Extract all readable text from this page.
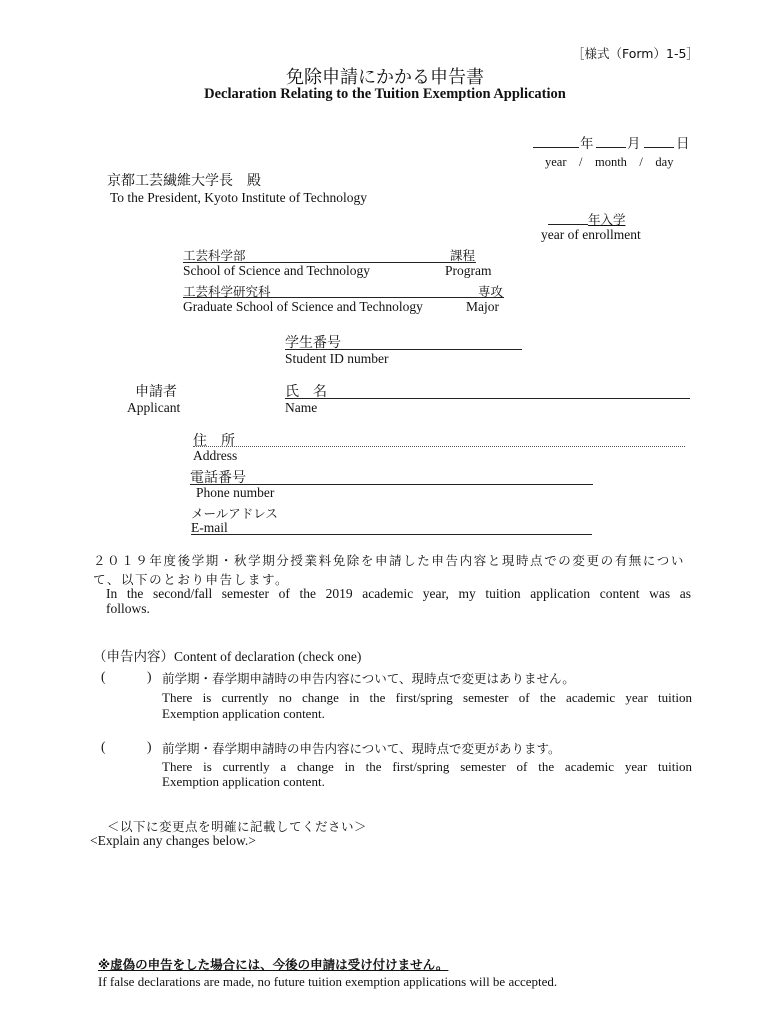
［様式（Form）1-5］
免除申請にかかる申告書
Declaration Relating to the Tuition Exemption Application
年 月	日
year　/　month　/　day
京都工芸繊維大学長　殿
To the President, Kyoto Institute of Technology
年入学
year of enrollment
工芸科学部	課程
School of Science and Technology	Program
工芸科学研究科	専攻
Graduate School of Science and Technology	Major
学生番号
Student ID number
申請者
Applicant
氏　名
Name
住　所
Address
電話番号
Phone number
メールアドレス
E-mail
２０１９年度後学期・秋学期分授業料免除を申請した申告内容と現時点での変更の有無につい
て、以下のとおり申告します。
In the second/fall semester of the 2019 academic year, my tuition application content was as
follows.
（申告内容）Content of declaration (check one)
(	) 前学期・春学期申請時の申告内容について、現時点で変更はありません。
There is currently no change in the first/spring semester of the academic year tuition
Exemption application content.
(	) 前学期・春学期申請時の申告内容について、現時点で変更があります。
There is currently a change in the first/spring semester of the academic year tuition
Exemption application content.
＜以下に変更点を明確に記載してください＞
<Explain any changes below.>
※虚偽の申告をした場合には、今後の申請は受け付けません。
If false declarations are made, no future tuition exemption applications will be accepted.
